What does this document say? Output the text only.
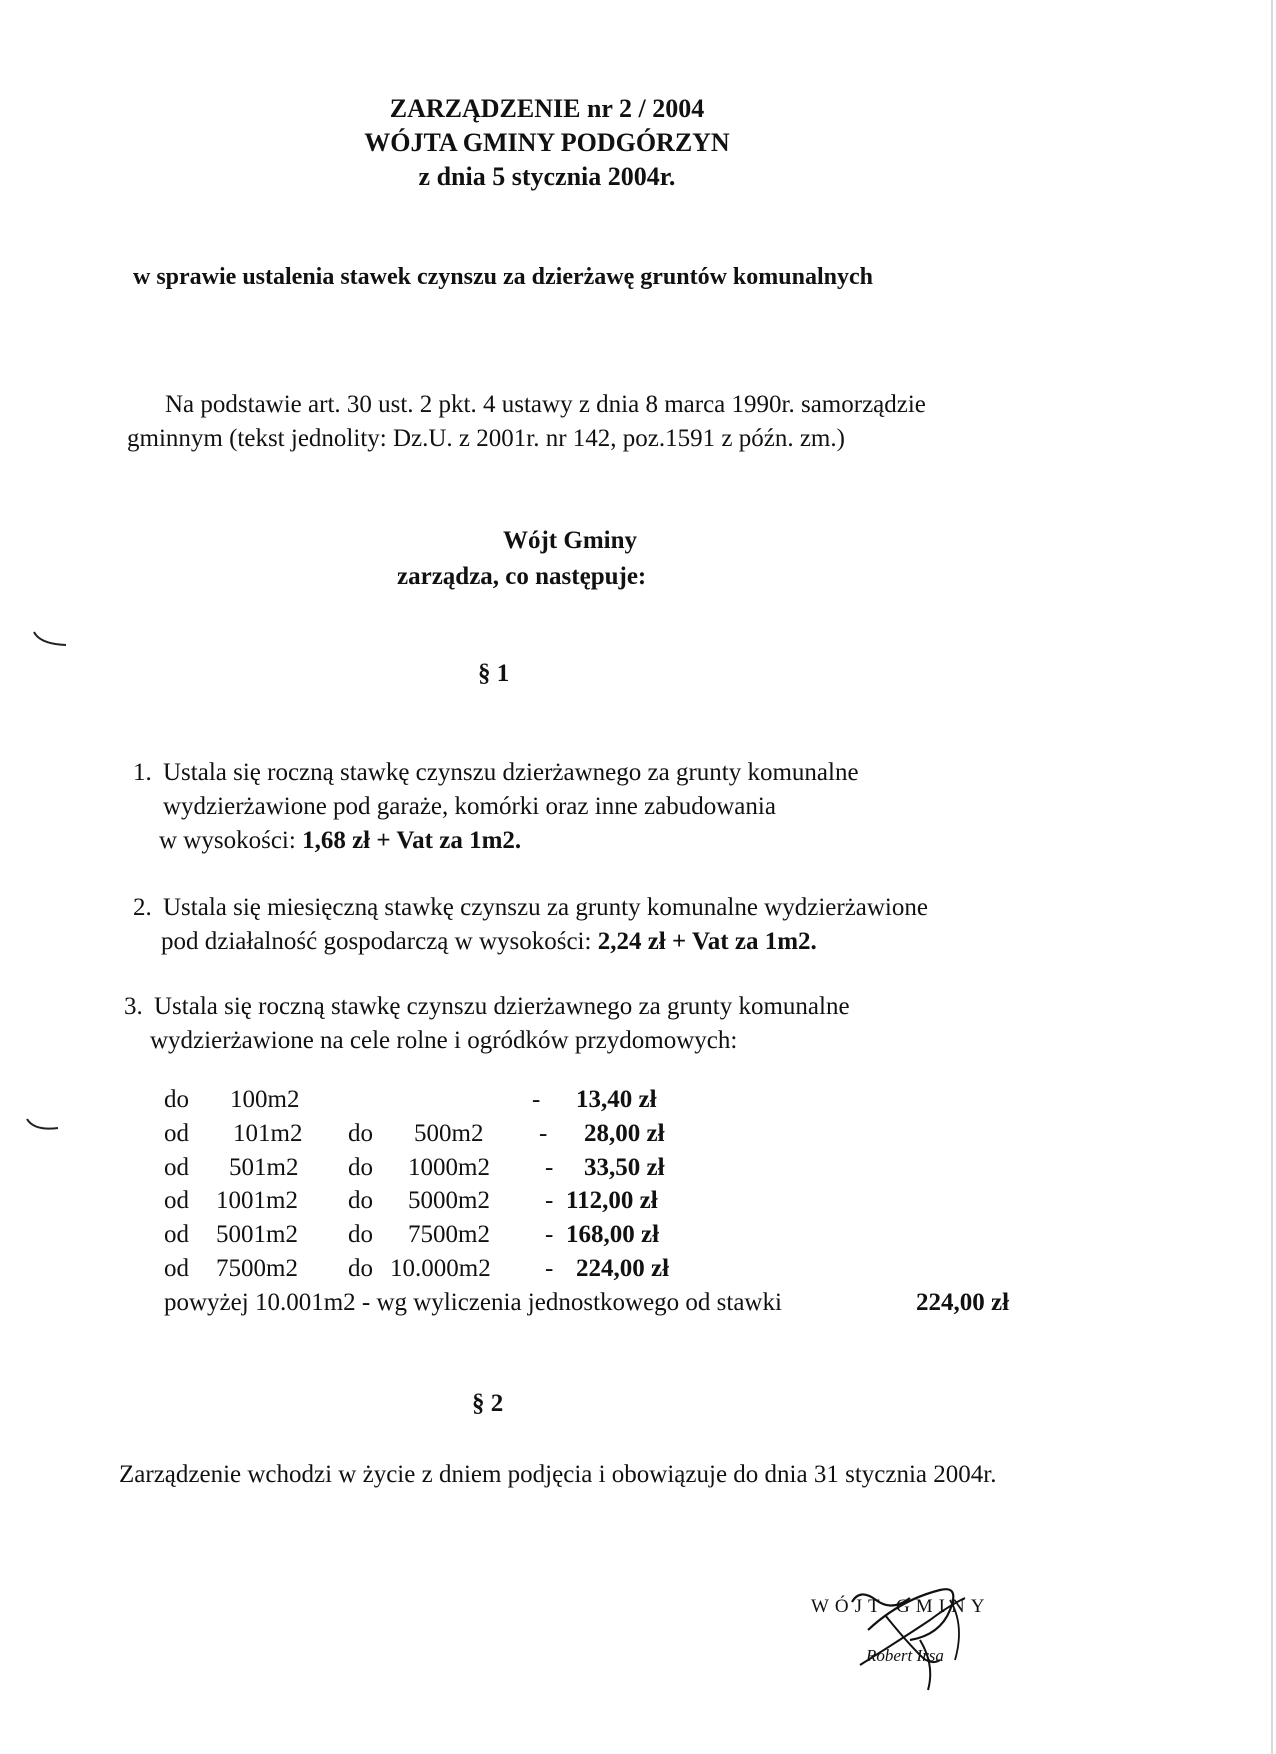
ZARZĄDZENIE nr 2 / 2004
WÓJTA GMINY PODGÓRZYN
z dnia 5 stycznia 2004r.
w sprawie ustalenia stawek czynszu za dzierżawę gruntów komunalnych
Na podstawie art. 30 ust. 2 pkt. 4 ustawy z dnia 8 marca 1990r. samorządzie
gminnym (tekst jednolity: Dz.U. z 2001r. nr 142, poz.1591 z późn. zm.)
Wójt Gminy
zarządza, co następuje:
§ 1
1. Ustala się roczną stawkę czynszu dzierżawnego za grunty komunalne
wydzierżawione pod garaże, komórki oraz inne zabudowania
w wysokości: 1,68 zł + Vat za 1m2.
2. Ustala się miesięczną stawkę czynszu za grunty komunalne wydzierżawione
pod działalność gospodarczą w wysokości: 2,24 zł + Vat za 1m2.
3. Ustala się roczną stawkę czynszu dzierżawnego za grunty komunalne
wydzierżawione na cele rolne i ogródków przydomowych:
do 100m2	- 13,40 zł
od 101m2 do 500m2 - 28,00 zł
od 501m2 do 1000m2 - 33,50 zł
od 1001m2 do 5000m2 - 112,00 zł
od 5001m2 do 7500m2 - 168,00 zł
od 7500m2 do 10.000m2 - 224,00 zł
powyżej 10.001m2 - wg wyliczenia jednostkowego od stawki	224,00 zł
§ 2
Zarządzenie wchodzi w życie z dniem podjęcia i obowiązuje do dnia 31 stycznia 2004r.
WÓJT GMINY
Robert Irsa
